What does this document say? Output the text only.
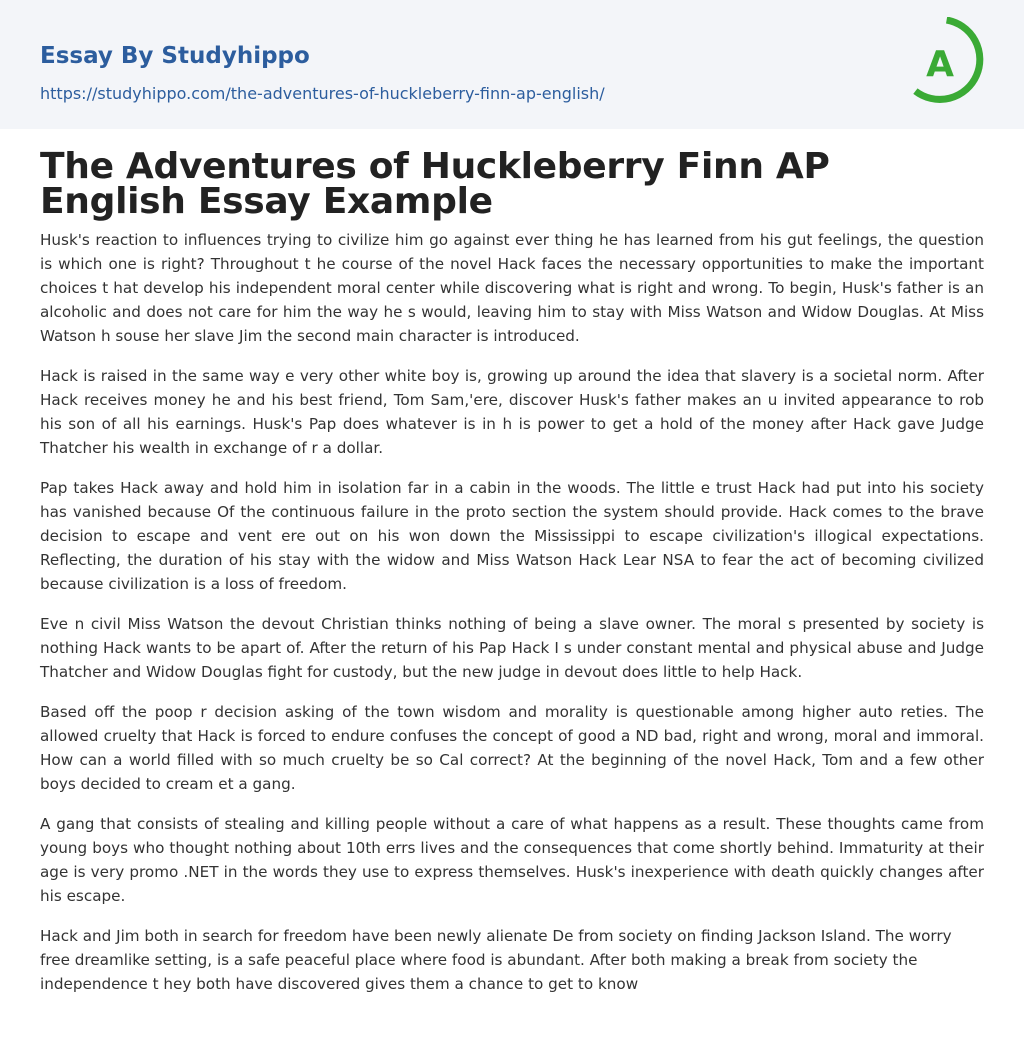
Essay By Studyhippo
https://studyhippo.com/the-adventures-of-huckleberry-finn-ap-english/
A
The Adventures of Huckleberry Finn AP English Essay Example

Husk's reaction to influences trying to civilize him go against ever thing he has learned from his gut feelings, the question is which one is right? Throughout t he course of the novel Hack faces the necessary opportunities to make the important choices t hat develop his independent moral center while discovering what is right and wrong. To begin, Husk's father is an alcoholic and does not care for him the way he s would, leaving him to stay with Miss Watson and Widow Douglas. At Miss Watson h souse her slave Jim the second main character is introduced.

Hack is raised in the same way e very other white boy is, growing up around the idea that slavery is a societal norm. After Hack receives money he and his best friend, Tom Sam,'ere, discover Husk's father makes an u invited appearance to rob his son of all his earnings. Husk's Pap does whatever is in h is power to get a hold of the money after Hack gave Judge Thatcher his wealth in exchange of r a dollar.

Pap takes Hack away and hold him in isolation far in a cabin in the woods. The little e trust Hack had put into his society has vanished because Of the continuous failure in the proto section the system should provide. Hack comes to the brave decision to escape and vent ere out on his won down the Mississippi to escape civilization's illogical expectations. Reflecting, the duration of his stay with the widow and Miss Watson Hack Lear NSA to fear the act of becoming civilized because civilization is a loss of freedom.

Eve n civil Miss Watson the devout Christian thinks nothing of being a slave owner. The moral s presented by society is nothing Hack wants to be apart of. After the return of his Pap Hack I s under constant mental and physical abuse and Judge Thatcher and Widow Douglas fight for custody, but the new judge in devout does little to help Hack.

Based off the poop r decision asking of the town wisdom and morality is questionable among higher auto reties. The allowed cruelty that Hack is forced to endure confuses the concept of good a ND bad, right and wrong, moral and immoral. How can a world filled with so much cruelty be so Cal correct? At the beginning of the novel Hack, Tom and a few other boys decided to cream et a gang.

A gang that consists of stealing and killing people without a care of what happens as a result. These thoughts came from young boys who thought nothing about 10th errs lives and the consequences that come shortly behind. Immaturity at their age is very promo .NET in the words they use to express themselves. Husk's inexperience with death quickly changes after his escape.

Hack and Jim both in search for freedom have been newly alienate De from society on finding Jackson Island. The worry free dreamlike setting, is a safe peaceful place where food is abundant. After both making a break from society the independence t hey both have discovered gives them a chance to get to know
